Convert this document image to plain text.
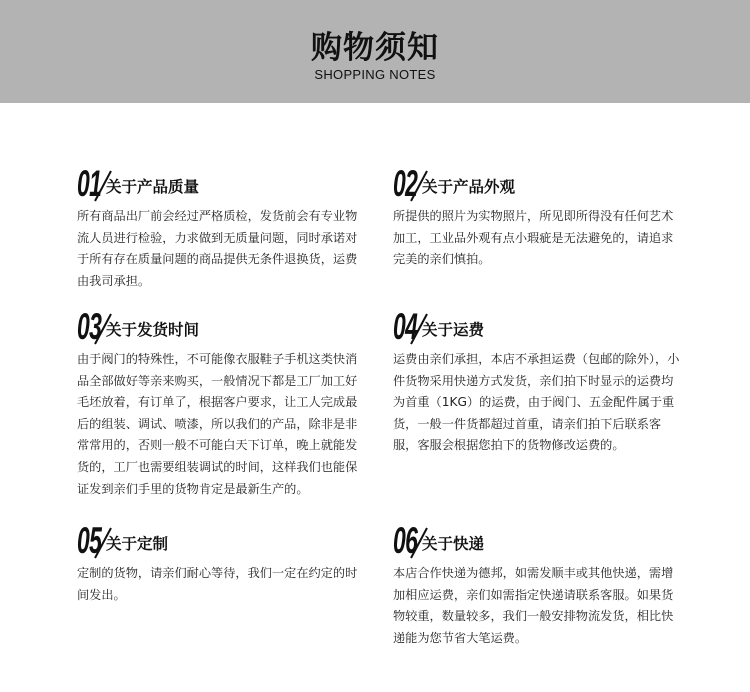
购物须知
SHOPPING NOTES
01 关于产品质量

所有商品出厂前会经过严格质检，发货前会有专业物流人员进行检验，力求做到无质量问题，同时承诺对于所有存在质量问题的商品提供无条件退换货，运费由我司承担。

02 关于产品外观

所提供的照片为实物照片，所见即所得没有任何艺术加工，工业品外观有点小瑕疵是无法避免的，请追求完美的亲们慎拍。

03 关于发货时间

由于阀门的特殊性，不可能像衣服鞋子手机这类快消品全部做好等亲来购买，一般情况下都是工厂加工好毛坯放着，有订单了，根据客户要求，让工人完成最后的组装、调试、喷漆，所以我们的产品，除非是非常常用的，否则一般不可能白天下订单，晚上就能发货的，工厂也需要组装调试的时间，这样我们也能保证发到亲们手里的货物肯定是最新生产的。

04 关于运费

运费由亲们承担，本店不承担运费（包邮的除外），小件货物采用快递方式发货，亲们拍下时显示的运费均为首重（1KG）的运费，由于阀门、五金配件属于重货，一般一件货都超过首重，请亲们拍下后联系客服，客服会根据您拍下的货物修改运费的。

05 关于定制

定制的货物，请亲们耐心等待，我们一定在约定的时间发出。

06 关于快递

本店合作快递为德邦，如需发顺丰或其他快递，需增加相应运费，亲们如需指定快递请联系客服。如果货物较重，数量较多，我们一般安排物流发货，相比快递能为您节省大笔运费。
